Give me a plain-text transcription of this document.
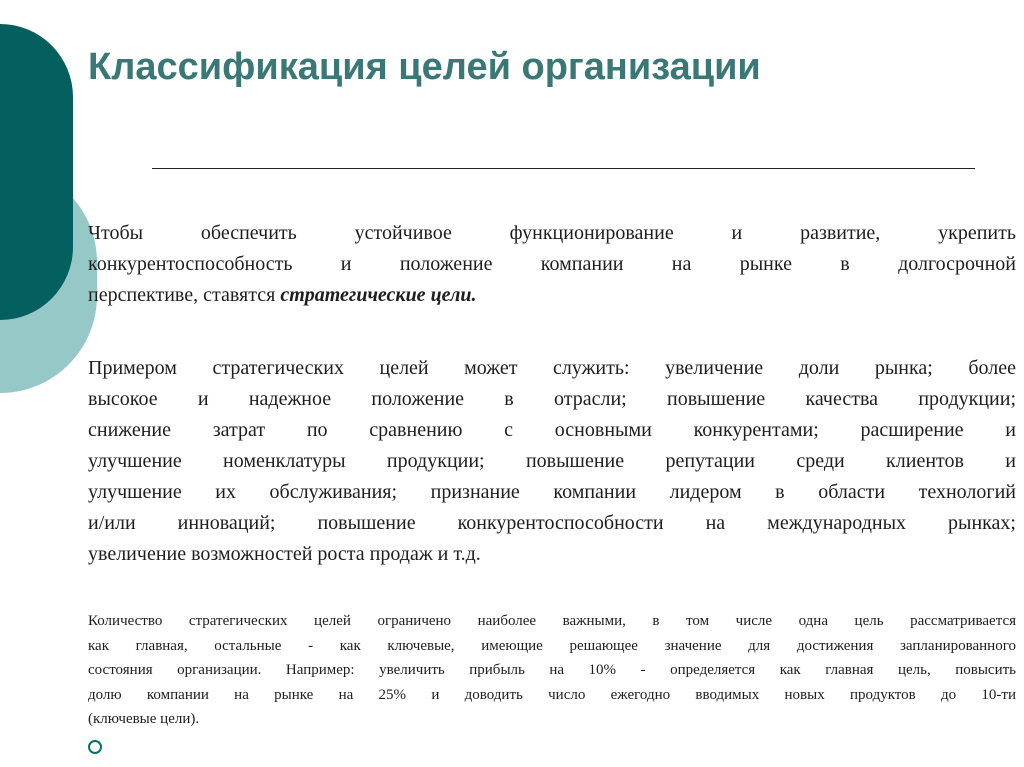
Классификация целей организации
Чтобы обеспечить устойчивое функционирование и развитие, укрепить
конкурентоспособность и положение компании на рынке в долгосрочной
перспективе, ставятся стратегические цели.
Примером стратегических целей может служить: увеличение доли рынка; более
высокое и надежное положение в отрасли; повышение качества продукции;
снижение затрат по сравнению с основными конкурентами; расширение и
улучшение номенклатуры продукции; повышение репутации среди клиентов и
улучшение их обслуживания; признание компании лидером в области технологий
и/или инноваций; повышение конкурентоспособности на международных рынках;
увеличение возможностей роста продаж и т.д.
Количество стратегических целей ограничено наиболее важными, в том числе одна цель рассматривается
как главная, остальные - как ключевые, имеющие решающее значение для достижения запланированного
состояния организации. Например: увеличить прибыль на 10% - определяется как главная цель, повысить
долю компании на рынке на 25% и доводить число ежегодно вводимых новых продуктов до 10-ти
(ключевые цели).
